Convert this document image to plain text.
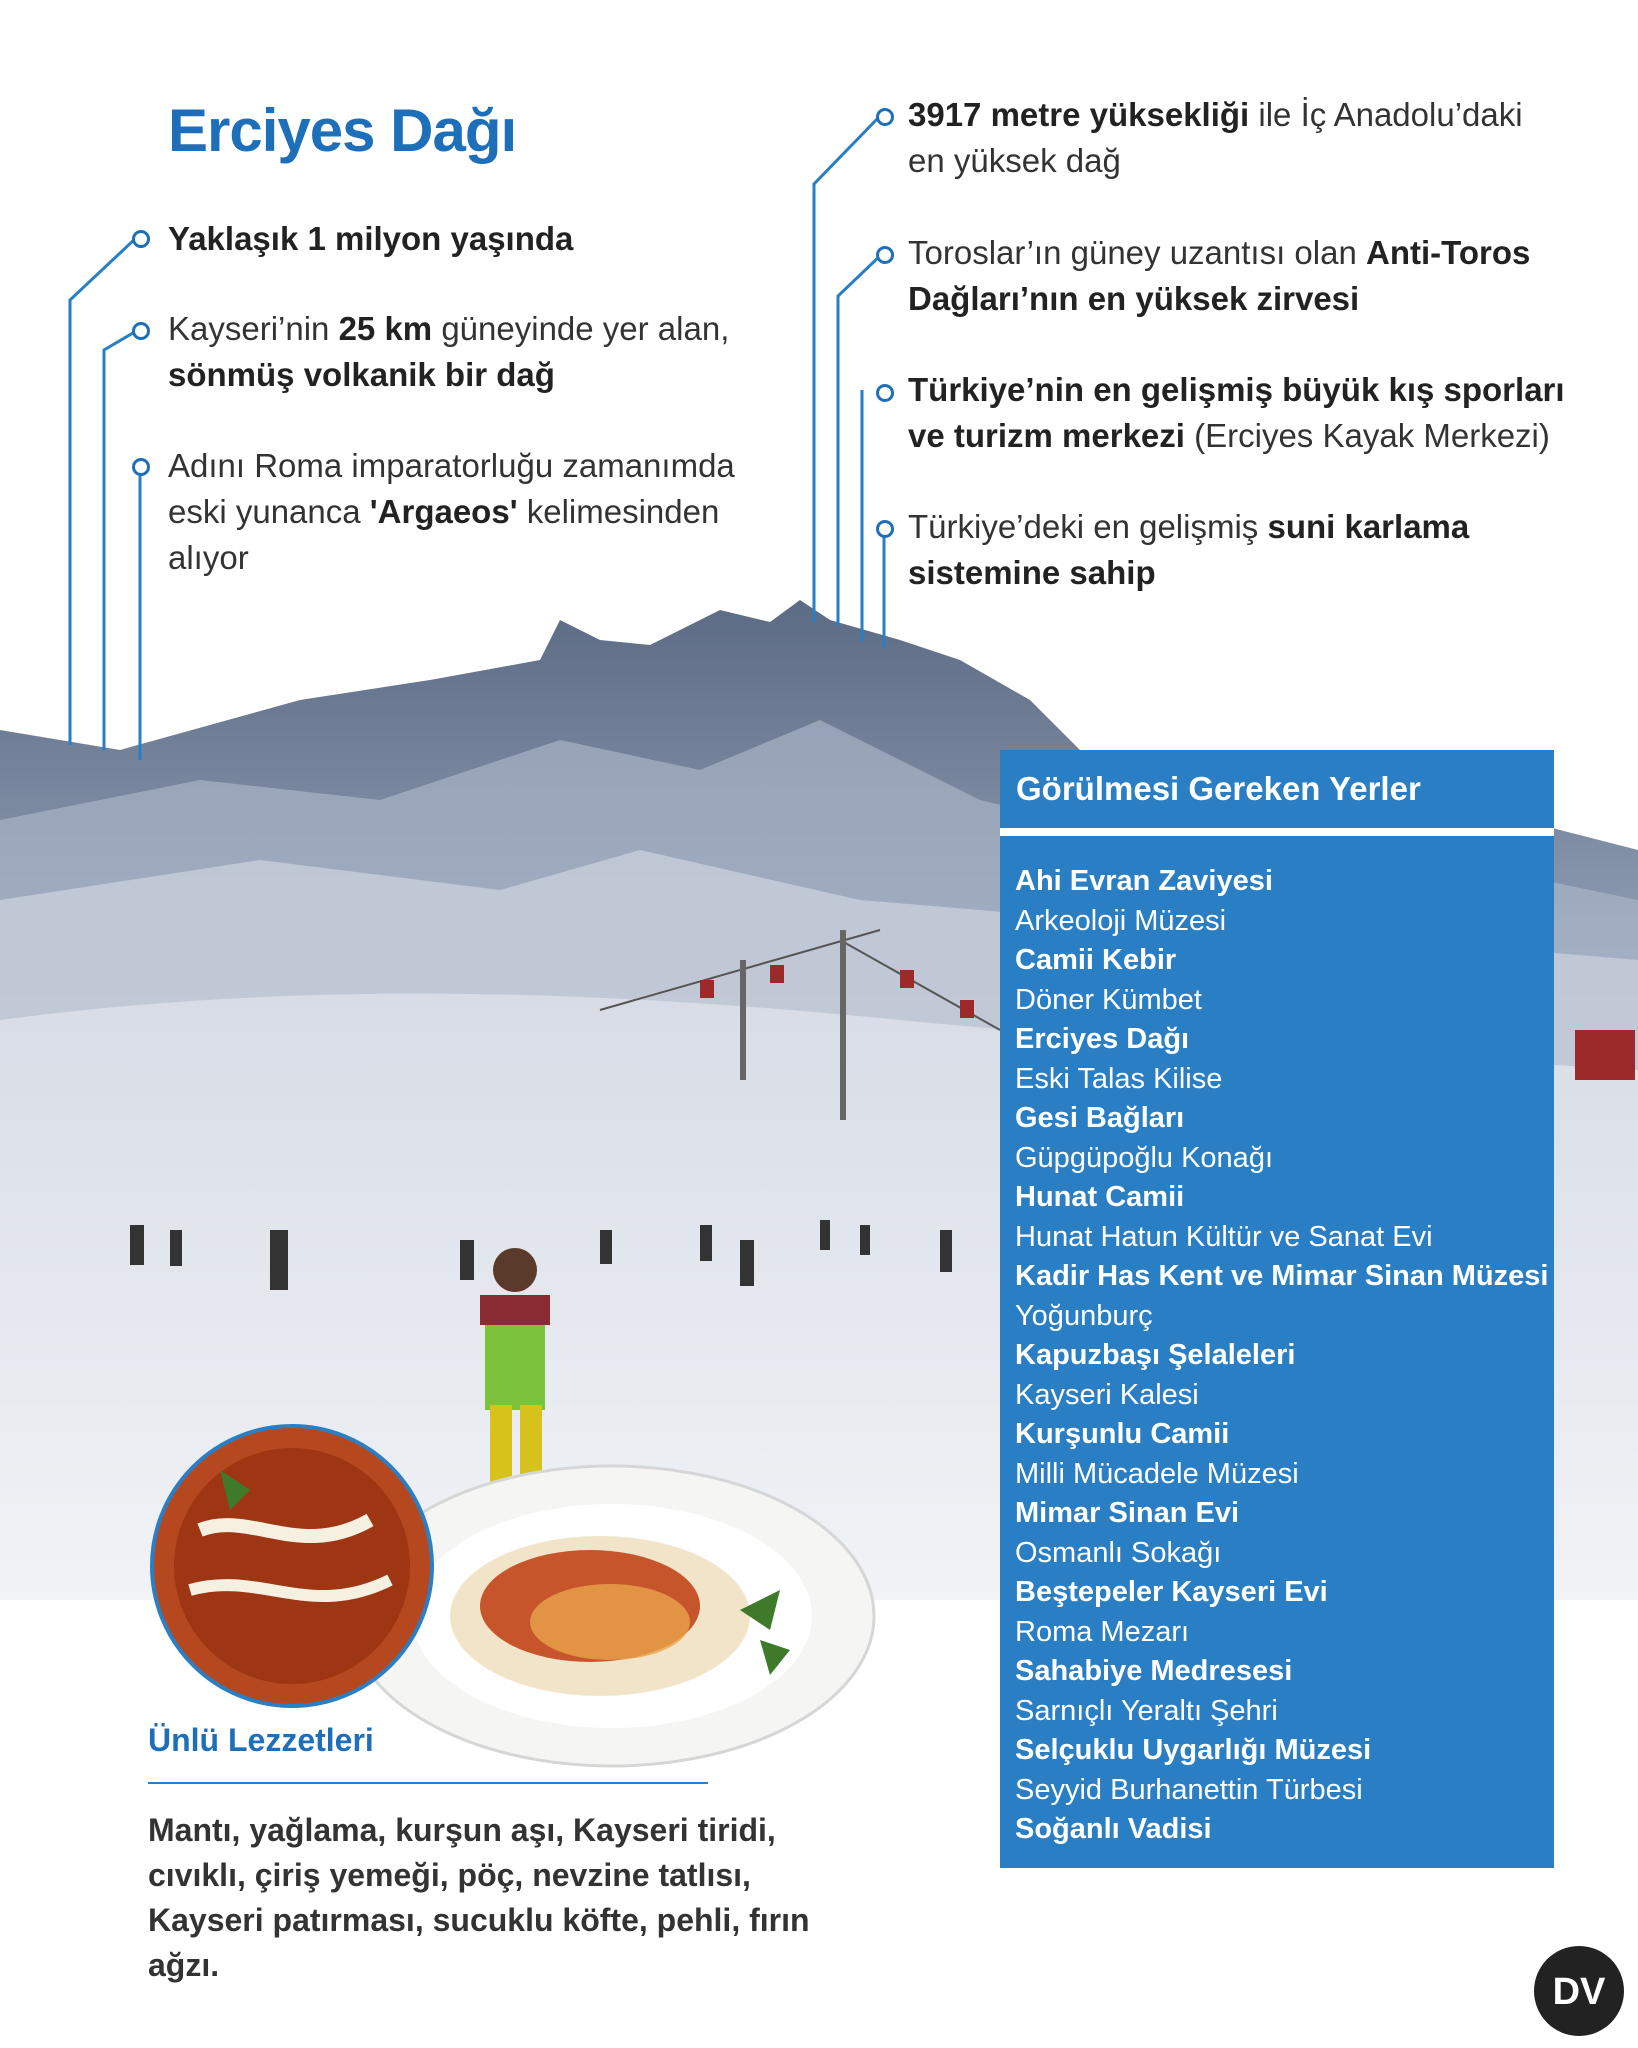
Erciyes Dağı
Yaklaşık 1 milyon yaşında
Kayseri’nin 25 km güneyinde yer alan,
sönmüş volkanik bir dağ
Adını Roma imparatorluğu zamanımda
eski yunanca 'Argaeos' kelimesinden
alıyor
3917 metre yüksekliği ile İç Anadolu’daki
en yüksek dağ
Toroslar’ın güney uzantısı olan Anti-Toros
Dağları’nın en yüksek zirvesi
Türkiye’nin en gelişmiş büyük kış sporları
ve turizm merkezi (Erciyes Kayak Merkezi)
Türkiye’deki en gelişmiş suni karlama
sistemine sahip
Görülmesi Gereken Yerler
Ahi Evran Zaviyesi
Arkeoloji Müzesi
Camii Kebir
Döner Kümbet
Erciyes Dağı
Eski Talas Kilise
Gesi Bağları
Güpgüpoğlu Konağı
Hunat Camii
Hunat Hatun Kültür ve Sanat Evi
Kadir Has Kent ve Mimar Sinan Müzesi
Yoğunburç
Kapuzbaşı Şelaleleri
Kayseri Kalesi
Kurşunlu Camii
Milli Mücadele Müzesi
Mimar Sinan Evi
Osmanlı Sokağı
Beştepeler Kayseri Evi
Roma Mezarı
Sahabiye Medresesi
Sarnıçlı Yeraltı Şehri
Selçuklu Uygarlığı Müzesi
Seyyid Burhanettin Türbesi
Soğanlı Vadisi
Ünlü Lezzetleri
Mantı, yağlama, kurşun aşı, Kayseri tiridi,
cıvıklı, çiriş yemeği, pöç, nevzine tatlısı,
Kayseri patırması, sucuklu köfte, pehli, fırın
ağzı.
DV
